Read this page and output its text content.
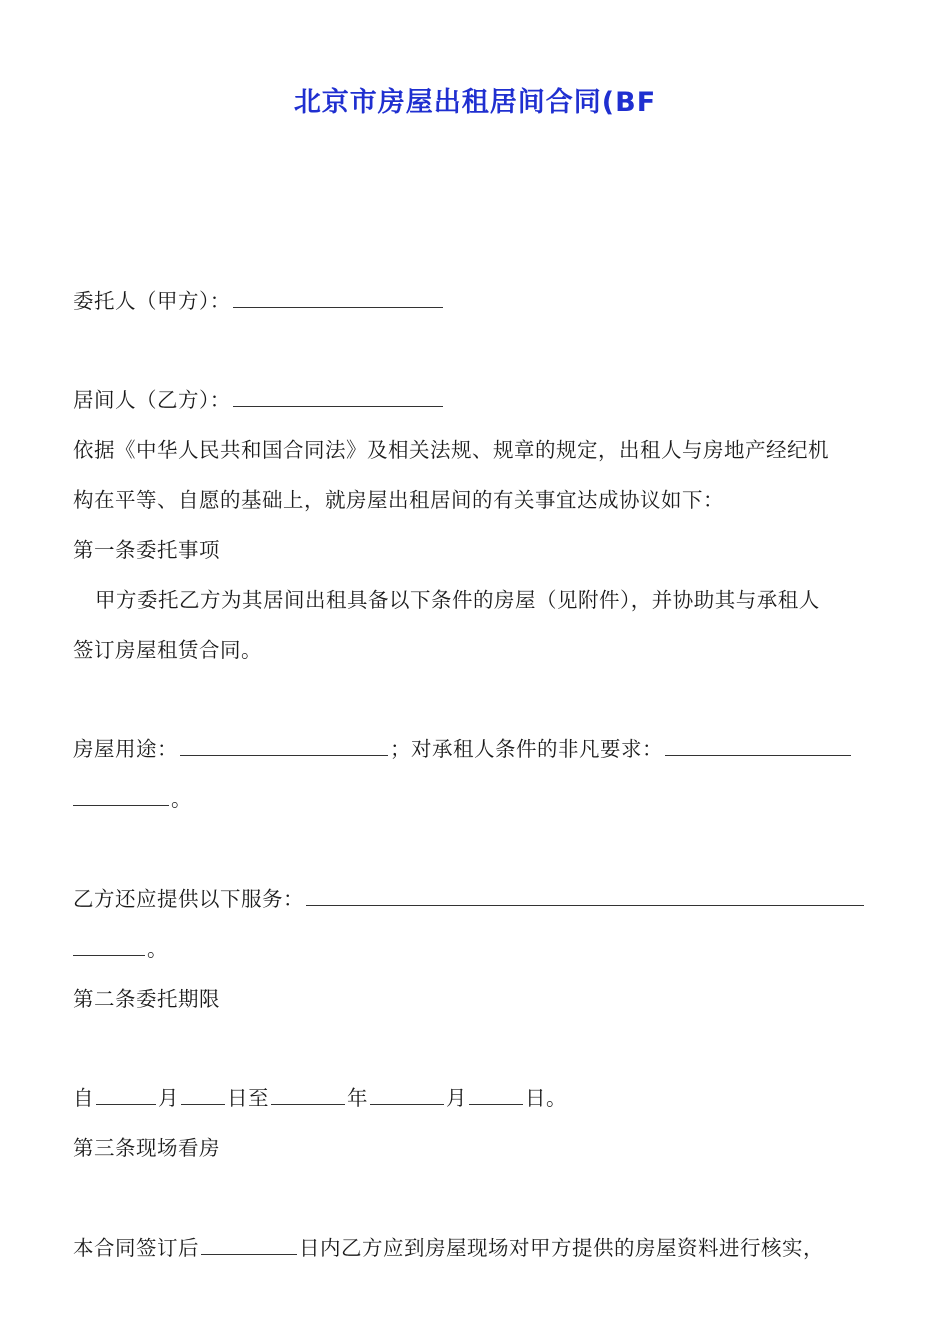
北京市房屋出租居间合同(BF
委托人（甲方）：
居间人（乙方）：
依据《中华人民共和国合同法》及相关法规、规章的规定，出租人与房地产经纪机
构在平等、自愿的基础上，就房屋出租居间的有关事宜达成协议如下：
第一条委托事项
甲方委托乙方为其居间出租具备以下条件的房屋（见附件），并协助其与承租人
签订房屋租赁合同。
房屋用途：	；对承租人条件的非凡要求：
。
乙方还应提供以下服务：
。
第二条委托期限
自	月 日至	年	月	日。
第三条现场看房
本合同签订后	日内乙方应到房屋现场对甲方提供的房屋资料进行核实，
